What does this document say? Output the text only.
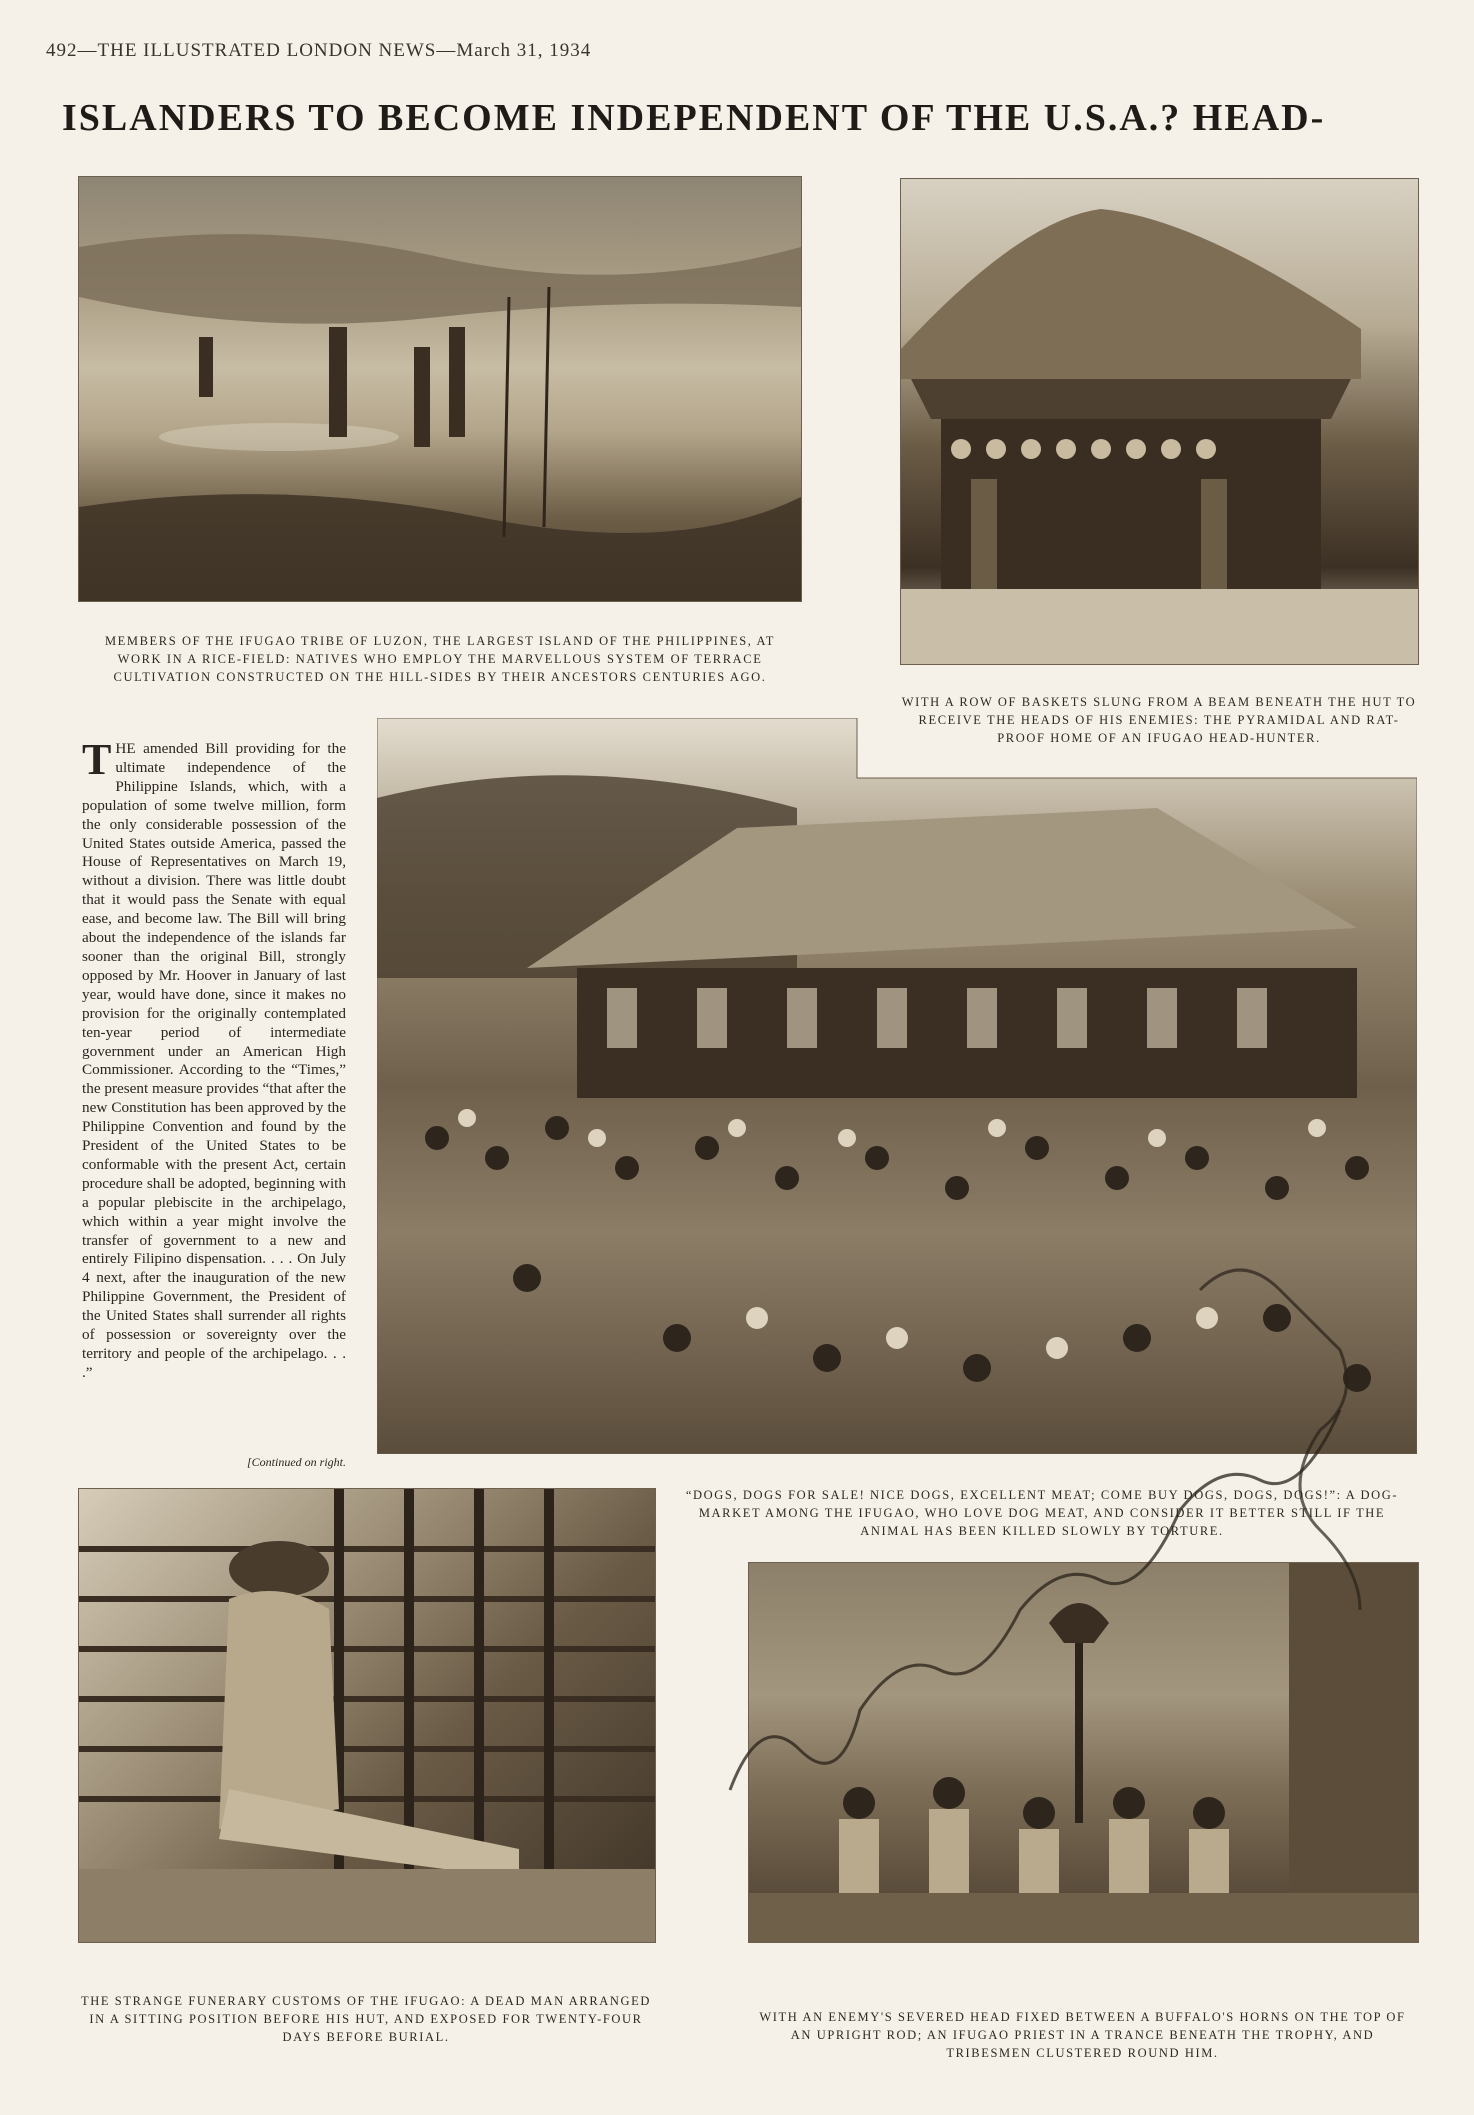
492—THE ILLUSTRATED LONDON NEWS—March 31, 1934
ISLANDERS TO BECOME INDEPENDENT OF THE U.S.A.? HEAD-
MEMBERS OF THE IFUGAO TRIBE OF LUZON, THE LARGEST ISLAND OF THE PHILIPPINES, AT WORK IN A RICE-FIELD: NATIVES WHO EMPLOY THE MARVELLOUS SYSTEM OF TERRACE CULTIVATION CONSTRUCTED ON THE HILL-SIDES BY THEIR ANCESTORS CENTURIES AGO.
WITH A ROW OF BASKETS SLUNG FROM A BEAM BENEATH THE HUT TO RECEIVE THE HEADS OF HIS ENEMIES: THE PYRAMIDAL AND RAT-PROOF HOME OF AN IFUGAO HEAD-HUNTER.
THE amended Bill providing for the ultimate independence of the Philippine Islands, which, with a population of some twelve million, form the only considerable possession of the United States outside America, passed the House of Representatives on March 19, without a division. There was little doubt that it would pass the Senate with equal ease, and become law. The Bill will bring about the independence of the islands far sooner than the original Bill, strongly opposed by Mr. Hoover in January of last year, would have done, since it makes no provision for the originally contemplated ten-year period of intermediate government under an American High Commissioner. According to the “Times,” the present measure provides “that after the new Constitution has been approved by the Philippine Convention and found by the President of the United States to be conformable with the present Act, certain procedure shall be adopted, beginning with a popular plebiscite in the archipelago, which within a year might involve the transfer of government to a new and entirely Filipino dispensation. . . . On July 4 next, after the inauguration of the new Philippine Government, the President of the United States shall surrender all rights of possession or sovereignty over the territory and people of the archipelago. . . .”
[Continued on right.
“DOGS, DOGS FOR SALE! NICE DOGS, EXCELLENT MEAT; COME BUY DOGS, DOGS, DOGS!”: A DOG-MARKET AMONG THE IFUGAO, WHO LOVE DOG MEAT, AND CONSIDER IT BETTER STILL IF THE ANIMAL HAS BEEN KILLED SLOWLY BY TORTURE.
THE STRANGE FUNERARY CUSTOMS OF THE IFUGAO: A DEAD MAN ARRANGED IN A SITTING POSITION BEFORE HIS HUT, AND EXPOSED FOR TWENTY-FOUR DAYS BEFORE BURIAL.
WITH AN ENEMY'S SEVERED HEAD FIXED BETWEEN A BUFFALO'S HORNS ON THE TOP OF AN UPRIGHT ROD; AN IFUGAO PRIEST IN A TRANCE BENEATH THE TROPHY, AND TRIBESMEN CLUSTERED ROUND HIM.
